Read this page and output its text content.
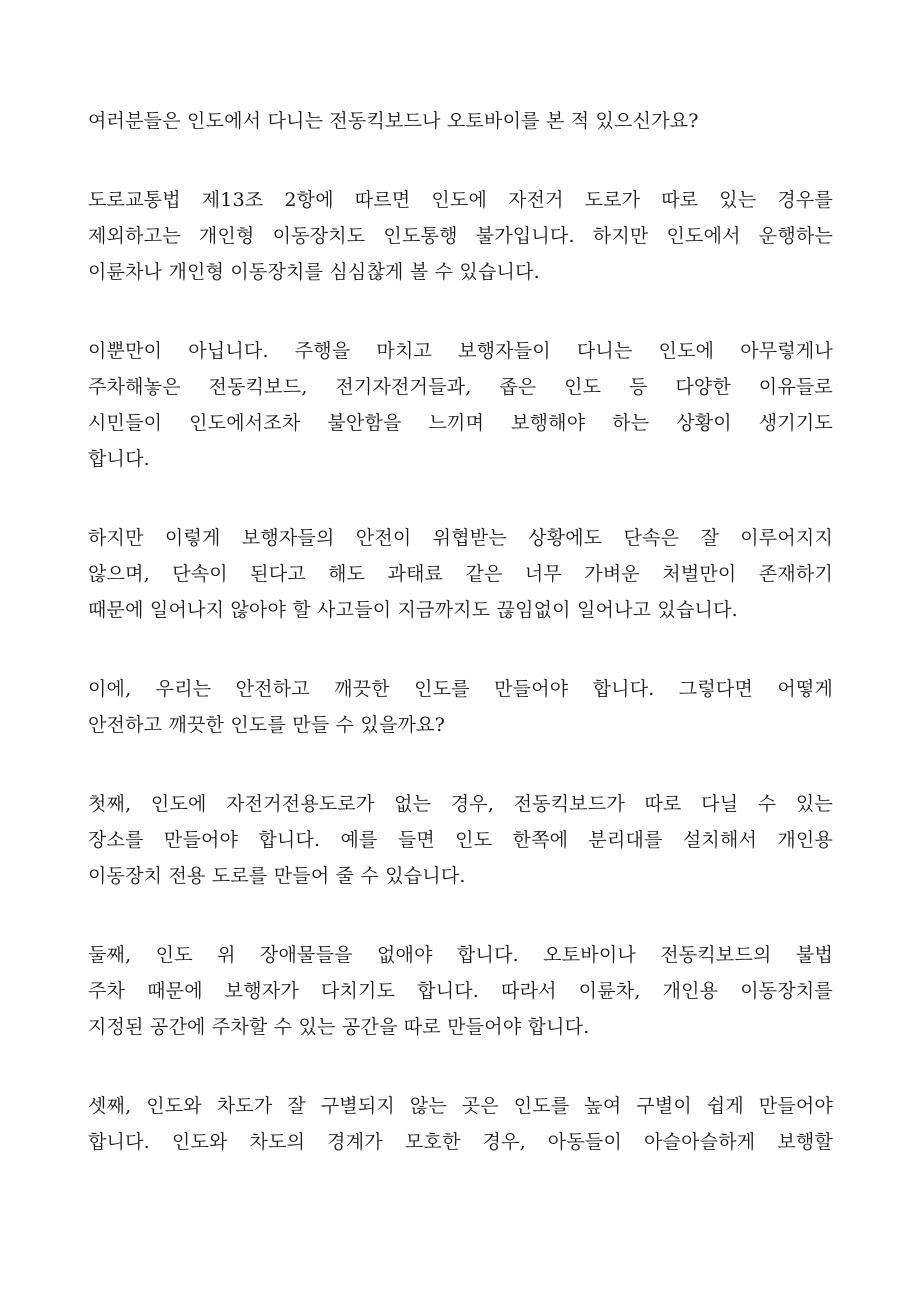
여러분들은 인도에서 다니는 전동킥보드나 오토바이를 본 적 있으신가요?

도로교통법 제13조 2항에 따르면 인도에 자전거 도로가 따로 있는 경우를
제외하고는 개인형 이동장치도 인도통행 불가입니다. 하지만 인도에서 운행하는
이륜차나 개인형 이동장치를 심심찮게 볼 수 있습니다.

이뿐만이 아닙니다. 주행을 마치고 보행자들이 다니는 인도에 아무렇게나
주차해놓은 전동킥보드, 전기자전거들과, 좁은 인도 등 다양한 이유들로
시민들이 인도에서조차 불안함을 느끼며 보행해야 하는 상황이 생기기도
합니다.

하지만 이렇게 보행자들의 안전이 위협받는 상황에도 단속은 잘 이루어지지
않으며, 단속이 된다고 해도 과태료 같은 너무 가벼운 처벌만이 존재하기
때문에 일어나지 않아야 할 사고들이 지금까지도 끊임없이 일어나고 있습니다.

이에, 우리는 안전하고 깨끗한 인도를 만들어야 합니다. 그렇다면 어떻게
안전하고 깨끗한 인도를 만들 수 있을까요?

첫째, 인도에 자전거전용도로가 없는 경우, 전동킥보드가 따로 다닐 수 있는
장소를 만들어야 합니다. 예를 들면 인도 한쪽에 분리대를 설치해서 개인용
이동장치 전용 도로를 만들어 줄 수 있습니다.

둘째, 인도 위 장애물들을 없애야 합니다. 오토바이나 전동킥보드의 불법
주차 때문에 보행자가 다치기도 합니다. 따라서 이륜차, 개인용 이동장치를
지정된 공간에 주차할 수 있는 공간을 따로 만들어야 합니다.

셋째, 인도와 차도가 잘 구별되지 않는 곳은 인도를 높여 구별이 쉽게 만들어야
합니다. 인도와 차도의 경계가 모호한 경우, 아동들이 아슬아슬하게 보행할
